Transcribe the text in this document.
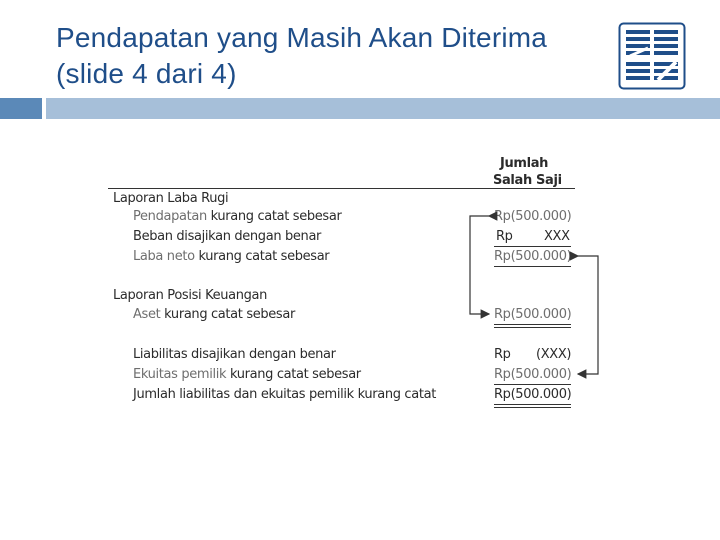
Pendapatan yang Masih Akan Diterima
(slide 4 dari 4)
Jumlah
Salah Saji
Laporan Laba Rugi
Pendapatan kurang catat sebesar	Rp(500.000)
Beban disajikan dengan benar	Rp XXX
Laba neto kurang catat sebesar	Rp(500.000)
Laporan Posisi Keuangan
Aset kurang catat sebesar	Rp(500.000)
Liabilitas disajikan dengan benar	Rp (XXX)
Ekuitas pemilik kurang catat sebesar	Rp(500.000)
Jumlah liabilitas dan ekuitas pemilik kurang catat	Rp(500.000)
